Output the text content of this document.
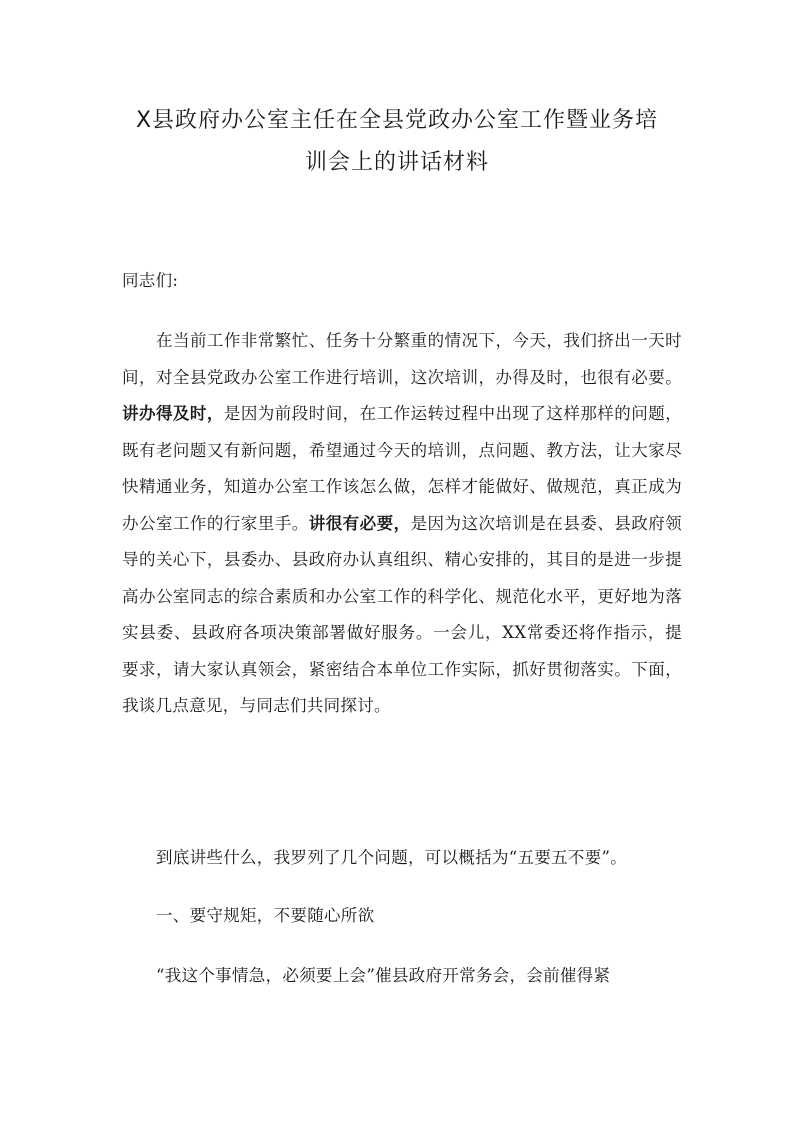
X县政府办公室主任在全县党政办公室工作暨业务培
训会上的讲话材料

同志们:

在当前工作非常繁忙、任务十分繁重的情况下，今天，我们挤出一天时间，对全县党政办公室工作进行培训，这次培训，办得及时，也很有必要。讲办得及时，是因为前段时间，在工作运转过程中出现了这样那样的问题，既有老问题又有新问题，希望通过今天的培训，点问题、教方法，让大家尽快精通业务，知道办公室工作该怎么做，怎样才能做好、做规范，真正成为办公室工作的行家里手。讲很有必要，是因为这次培训是在县委、县政府领导的关心下，县委办、县政府办认真组织、精心安排的，其目的是进一步提高办公室同志的综合素质和办公室工作的科学化、规范化水平，更好地为落实县委、县政府各项决策部署做好服务。一会儿，XX常委还将作指示，提要求，请大家认真领会，紧密结合本单位工作实际，抓好贯彻落实。下面，我谈几点意见，与同志们共同探讨。

到底讲些什么，我罗列了几个问题，可以概括为“五要五不要”。

一、要守规矩，不要随心所欲

“我这个事情急，必须要上会”催县政府开常务会，会前催得紧
